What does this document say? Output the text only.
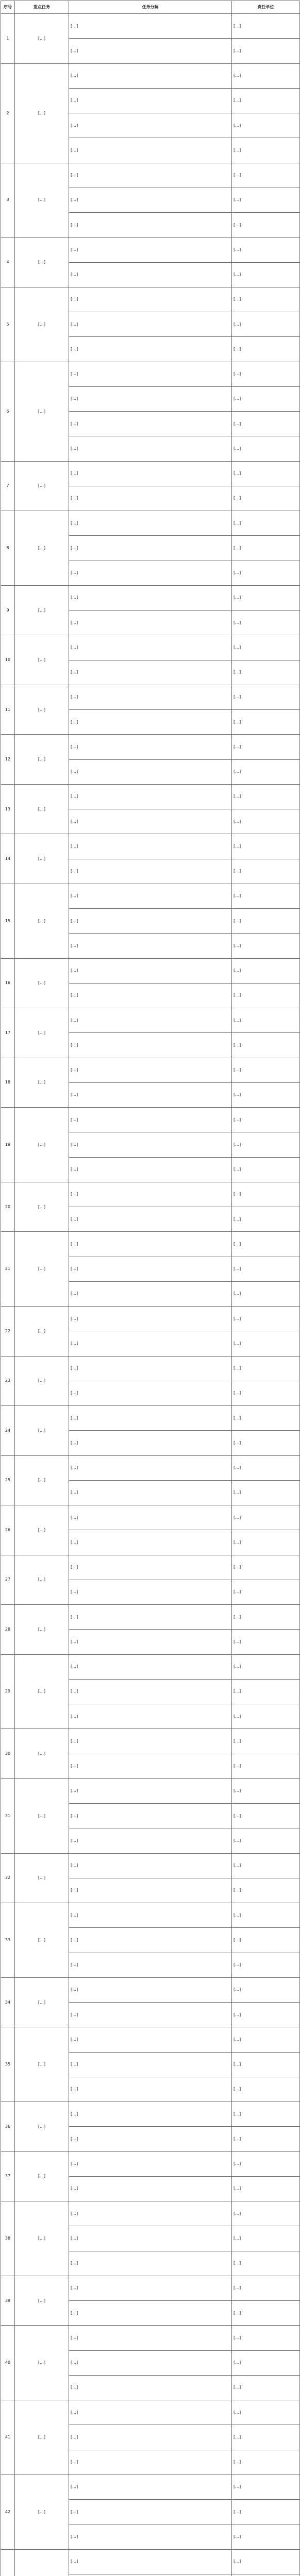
序号	重点任务	任务分解	责任单位
1	[…]	[…]	[…]
		[…]	[…]
2	[…]	[…]	[…]
		[…]	[…]
		[…]	[…]
		[…]	[…]
3	[…]	[…]	[…]
		[…]	[…]
		[…]	[…]
4	[…]	[…]	[…]
		[…]	[…]
5	[…]	[…]	[…]
		[…]	[…]
		[…]	[…]
6	[…]	[…]	[…]
		[…]	[…]
		[…]	[…]
		[…]	[…]
7	[…]	[…]	[…]
		[…]	[…]
8	[…]	[…]	[…]
		[…]	[…]
		[…]	[…]
9	[…]	[…]	[…]
		[…]	[…]
10	[…]	[…]	[…]
		[…]	[…]
11	[…]	[…]	[…]
		[…]	[…]
12	[…]	[…]	[…]
		[…]	[…]
13	[…]	[…]	[…]
		[…]	[…]
14	[…]	[…]	[…]
		[…]	[…]
15	[…]	[…]	[…]
		[…]	[…]
		[…]	[…]
16	[…]	[…]	[…]
		[…]	[…]
17	[…]	[…]	[…]
		[…]	[…]
18	[…]	[…]	[…]
		[…]	[…]
19	[…]	[…]	[…]
		[…]	[…]
		[…]	[…]
20	[…]	[…]	[…]
		[…]	[…]
21	[…]	[…]	[…]
		[…]	[…]
		[…]	[…]
22	[…]	[…]	[…]
		[…]	[…]
23	[…]	[…]	[…]
		[…]	[…]
24	[…]	[…]	[…]
		[…]	[…]
25	[…]	[…]	[…]
		[…]	[…]
26	[…]	[…]	[…]
		[…]	[…]
27	[…]	[…]	[…]
		[…]	[…]
28	[…]	[…]	[…]
		[…]	[…]
29	[…]	[…]	[…]
		[…]	[…]
		[…]	[…]
30	[…]	[…]	[…]
		[…]	[…]
31	[…]	[…]	[…]
		[…]	[…]
		[…]	[…]
32	[…]	[…]	[…]
		[…]	[…]
33	[…]	[…]	[…]
		[…]	[…]
		[…]	[…]
34	[…]	[…]	[…]
		[…]	[…]
35	[…]	[…]	[…]
		[…]	[…]
		[…]	[…]
36	[…]	[…]	[…]
		[…]	[…]
37	[…]	[…]	[…]
		[…]	[…]
38	[…]	[…]	[…]
		[…]	[…]
		[…]	[…]
39	[…]	[…]	[…]
		[…]	[…]
40	[…]	[…]	[…]
		[…]	[…]
		[…]	[…]
41	[…]	[…]	[…]
		[…]	[…]
		[…]	[…]
42	[…]	[…]	[…]
		[…]	[…]
		[…]	[…]
		[…]	[…]
